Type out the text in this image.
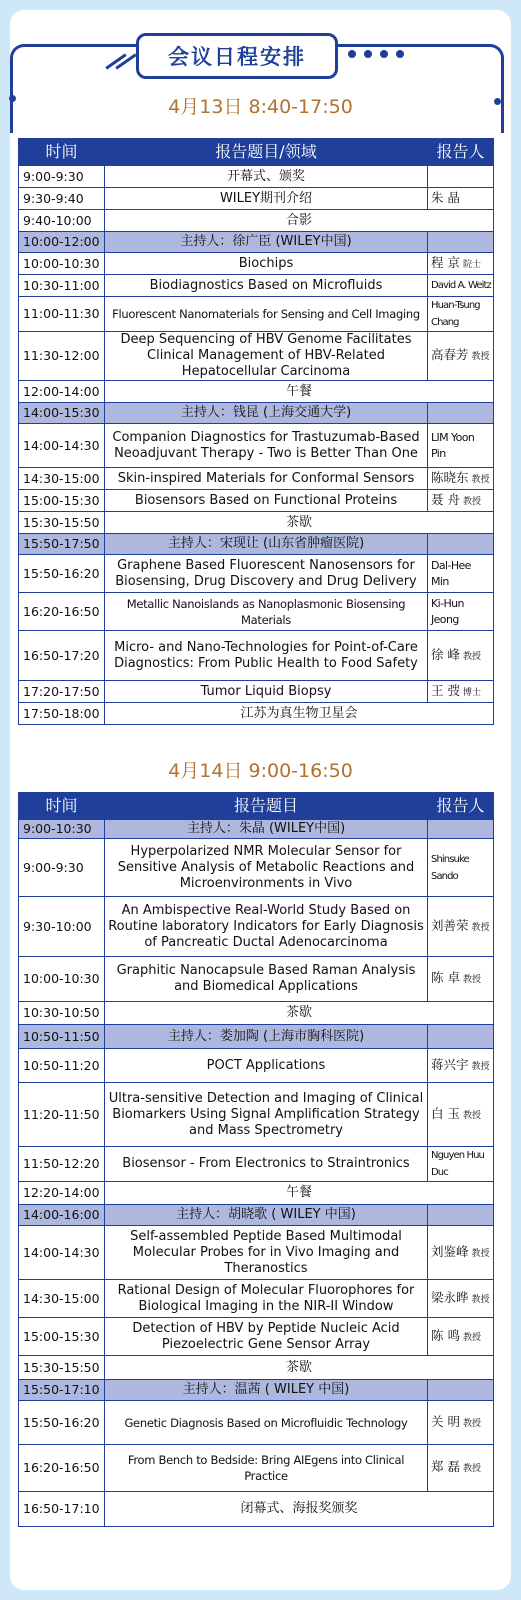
会议日程安排
4月13日 8:40-17:50
时间	报告题目/领域	报告人
9:00-9:30	开幕式、颁奖	
9:30-9:40	WILEY期刊介绍	朱 晶
9:40-10:00	合影	
10:00-12:00	主持人：徐广臣 (WILEY中国)	
10:00-10:30	Biochips	程 京 院士
10:30-11:00	Biodiagnostics Based on Microfluids	David A. Weitz
11:00-11:30	Fluorescent Nanomaterials for Sensing and Cell Imaging	Huan-Tsung Chang
11:30-12:00	Deep Sequencing of HBV Genome Facilitates Clinical Management of HBV-Related Hepatocellular Carcinoma	高春芳 教授
12:00-14:00	午餐	
14:00-15:30	主持人：钱昆 (上海交通大学)	
14:00-14:30	Companion Diagnostics for Trastuzumab-Based Neoadjuvant Therapy - Two is Better Than One	LIM Yoon Pin
14:30-15:00	Skin-inspired Materials for Conformal Sensors	陈晓东 教授
15:00-15:30	Biosensors Based on Functional Proteins	聂 舟 教授
15:30-15:50	茶歇	
15:50-17:50	主持人：宋现让 (山东省肿瘤医院)	
15:50-16:20	Graphene Based Fluorescent Nanosensors for Biosensing, Drug Discovery and Drug Delivery	Dal-Hee Min
16:20-16:50	Metallic Nanoislands as Nanoplasmonic Biosensing Materials	Ki-Hun Jeong
16:50-17:20	Micro- and Nano-Technologies for Point-of-Care Diagnostics: From Public Health to Food Safety	徐 峰 教授
17:20-17:50	Tumor Liquid Biopsy	王 弢 博士
17:50-18:00	江苏为真生物卫星会	
4月14日 9:00-16:50
时间	报告题目	报告人
9:00-10:30	主持人：朱晶 (WILEY中国)	
9:00-9:30	Hyperpolarized NMR Molecular Sensor for Sensitive Analysis of Metabolic Reactions and Microenvironments in Vivo	Shinsuke Sando
9:30-10:00	An Ambispective Real-World Study Based on Routine laboratory Indicators for Early Diagnosis of Pancreatic Ductal Adenocarcinoma	刘善荣 教授
10:00-10:30	Graphitic Nanocapsule Based Raman Analysis and Biomedical Applications	陈 卓 教授
10:30-10:50	茶歇	
10:50-11:50	主持人：娄加陶 (上海市胸科医院)	
10:50-11:20	POCT Applications	蒋兴宇 教授
11:20-11:50	Ultra-sensitive Detection and Imaging of Clinical Biomarkers Using Signal Amplification Strategy and Mass Spectrometry	白 玉 教授
11:50-12:20	Biosensor - From Electronics to Straintronics	Nguyen Huu Duc
12:20-14:00	午餐	
14:00-16:00	主持人：胡晓歌 ( WILEY 中国)	
14:00-14:30	Self-assembled Peptide Based Multimodal Molecular Probes for in Vivo Imaging and Theranostics	刘鉴峰 教授
14:30-15:00	Rational Design of Molecular Fluorophores for Biological Imaging in the NIR-II Window	梁永晔 教授
15:00-15:30	Detection of HBV by Peptide Nucleic Acid Piezoelectric Gene Sensor Array	陈 鸣 教授
15:30-15:50	茶歇	
15:50-17:10	主持人：温茜 ( WILEY 中国)	
15:50-16:20	Genetic Diagnosis Based on Microfluidic Technology	关 明 教授
16:20-16:50	From Bench to Bedside: Bring AIEgens into Clinical Practice	郑 磊 教授
16:50-17:10	闭幕式、海报奖颁奖	
